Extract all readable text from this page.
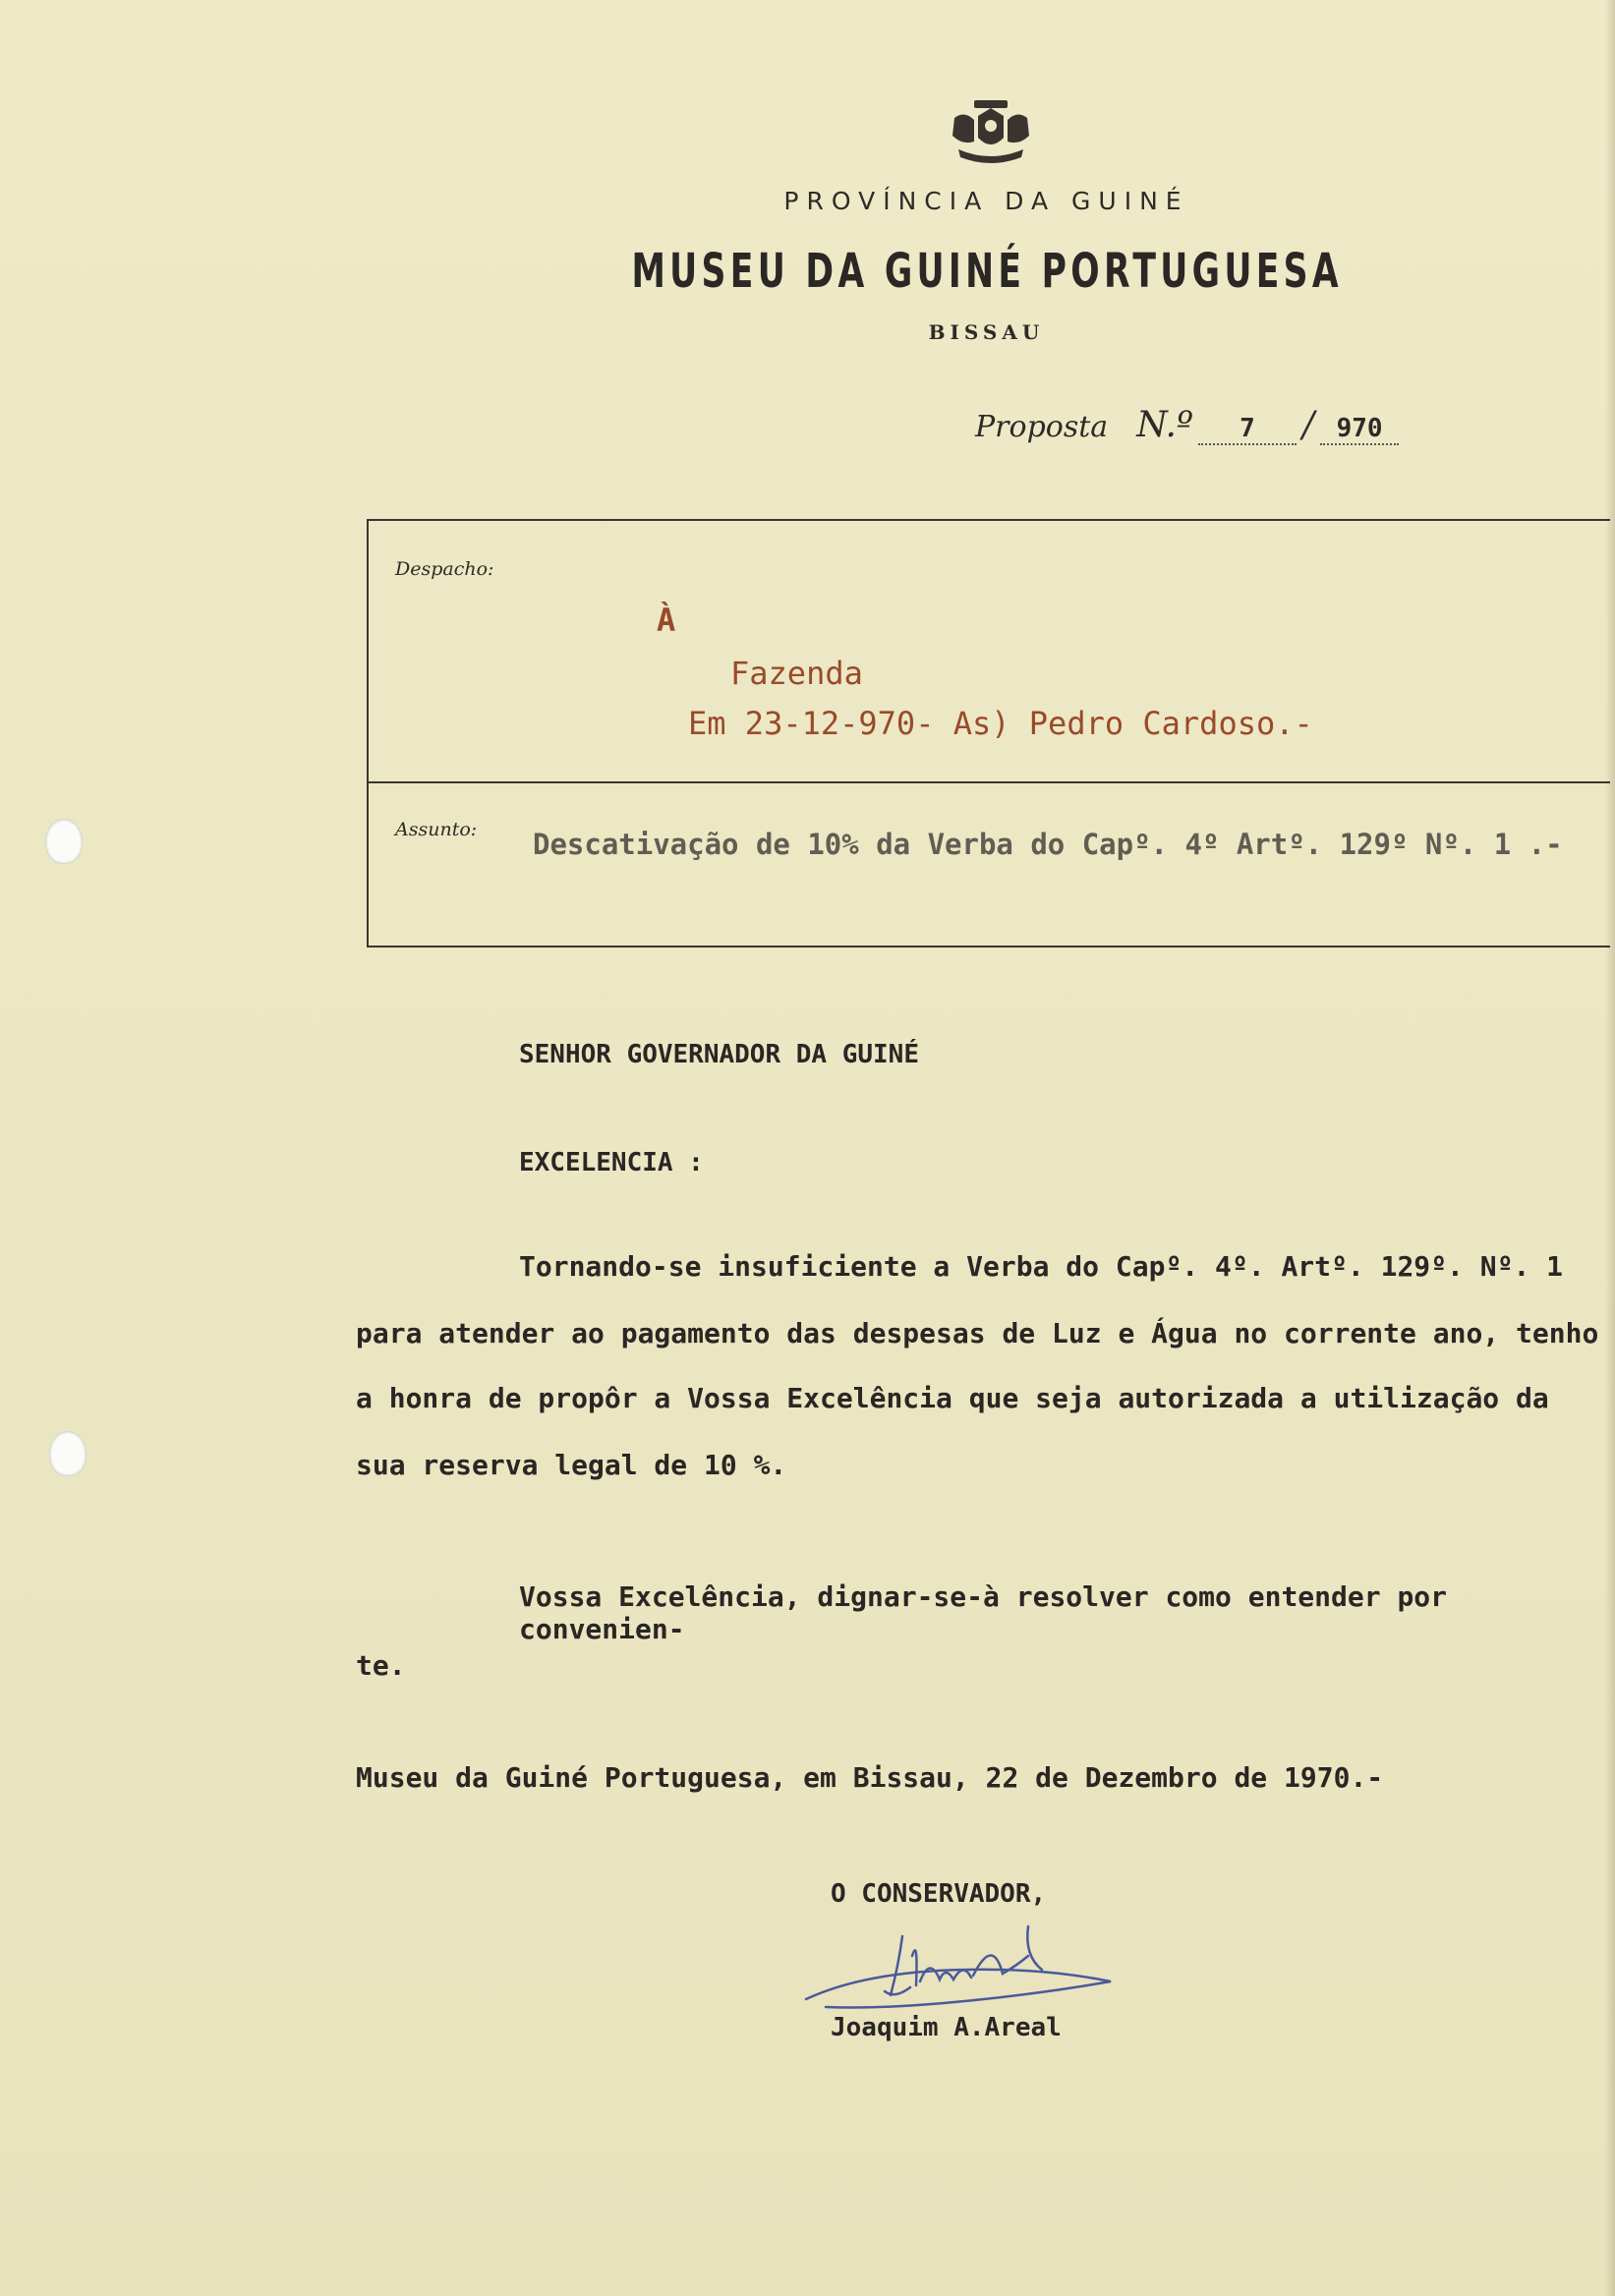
PROVÍNCIA DA GUINÉ
MUSEU DA GUINÉ PORTUGUESA
BISSAU
Proposta N.º 7 / 970
Despacho:
À
Fazenda
Em 23-12-970- As) Pedro Cardoso.-
Assunto: Descativação de 10% da Verba do Capº. 4º Artº. 129º Nº. 1 .-
SENHOR GOVERNADOR DA GUINÉ
EXCELENCIA :
Tornando-se insuficiente a Verba do Capº. 4º. Artº. 129º. Nº. 1
para atender ao pagamento das despesas de Luz e Água no corrente ano, tenho
a honra de propôr a Vossa Excelência que seja autorizada a utilização da
sua reserva legal de 10 %.
Vossa Excelência, dignar-se-à resolver como entender por convenien-
te.
Museu da Guiné Portuguesa, em Bissau, 22 de Dezembro de 1970.-
O CONSERVADOR,
Joaquim A.Areal
